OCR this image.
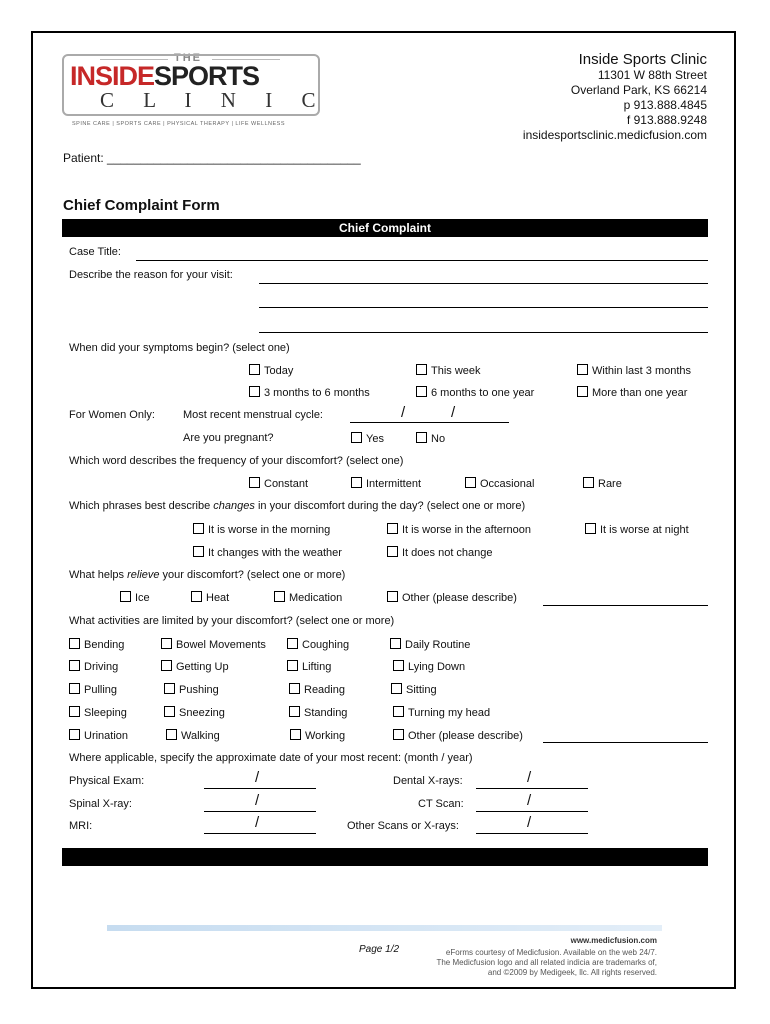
THE
INSIDESPORTS
C L I N I C
SPINE CARE | SPORTS CARE | PHYSICAL THERAPY | LIFE WELLNESS
Inside Sports Clinic
11301 W 88th Street
Overland Park, KS 66214
p 913.888.4845
f 913.888.9248
insidesportsclinic.medicfusion.com
Patient: ______________________________________
Chief Complaint Form
Chief Complaint
Case Title:
Describe the reason for your visit:
When did your symptoms begin? (select one)
Today	This week	Within last 3 months
3 months to 6 months	6 months to one year	More than one year
For Women Only:	Most recent menstrual cycle:	/	/
Are you pregnant?	Yes	No
Which word describes the frequency of your discomfort? (select one)
Constant	Intermittent	Occasional	Rare
Which phrases best describe changes in your discomfort during the day? (select one or more)
It is worse in the morning	It is worse in the afternoon	It is worse at night
It changes with the weather	It does not change
What helps relieve your discomfort? (select one or more)
Ice	Heat	Medication	Other (please describe)
What activities are limited by your discomfort? (select one or more)
Bending	Bowel Movements	Coughing	Daily Routine
Driving	Getting Up	Lifting	Lying Down
Pulling	Pushing	Reading	Sitting
Sleeping	Sneezing	Standing	Turning my head
Urination	Walking	Working	Other (please describe)
Where applicable, specify the approximate date of your most recent: (month / year)
Physical Exam:	/	Dental X-rays:	/
Spinal X-ray:	/	CT Scan:	/
MRI:	/	Other Scans or X-rays:	/
Page 1/2
www.medicfusion.com
eForms courtesy of Medicfusion. Available on the web 24/7.
The Medicfusion logo and all related indicia are trademarks of,
and ©2009 by Medigeek, llc. All rights reserved.
